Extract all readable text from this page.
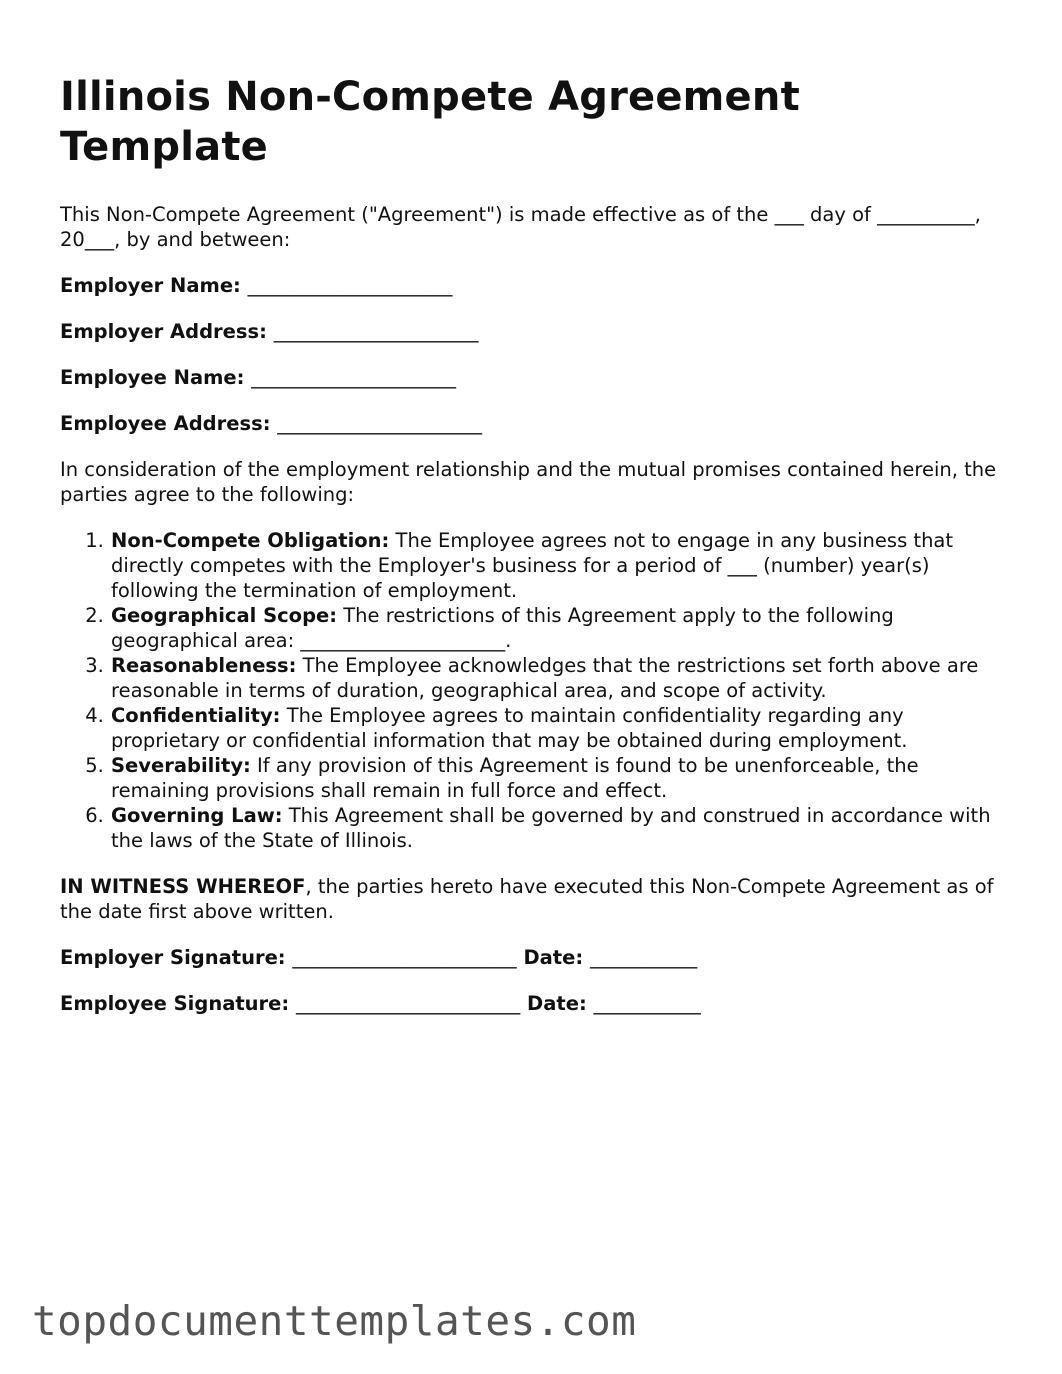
Illinois Non-Compete Agreement Template

This Non-Compete Agreement ("Agreement") is made effective as of the ___ day of __________, 20___, by and between:

Employer Name: _____________________

Employer Address: _____________________

Employee Name: _____________________

Employee Address: _____________________

In consideration of the employment relationship and the mutual promises contained herein, the parties agree to the following:

1. Non-Compete Obligation: The Employee agrees not to engage in any business that directly competes with the Employer's business for a period of ___ (number) year(s) following the termination of employment.
2. Geographical Scope: The restrictions of this Agreement apply to the following geographical area: _____________________.
3. Reasonableness: The Employee acknowledges that the restrictions set forth above are reasonable in terms of duration, geographical area, and scope of activity.
4. Confidentiality: The Employee agrees to maintain confidentiality regarding any proprietary or confidential information that may be obtained during employment.
5. Severability: If any provision of this Agreement is found to be unenforceable, the remaining provisions shall remain in full force and effect.
6. Governing Law: This Agreement shall be governed by and construed in accordance with the laws of the State of Illinois.

IN WITNESS WHEREOF, the parties hereto have executed this Non-Compete Agreement as of the date first above written.

Employer Signature: _______________________ Date: ___________

Employee Signature: _______________________ Date: ___________

topdocumenttemplates.com
